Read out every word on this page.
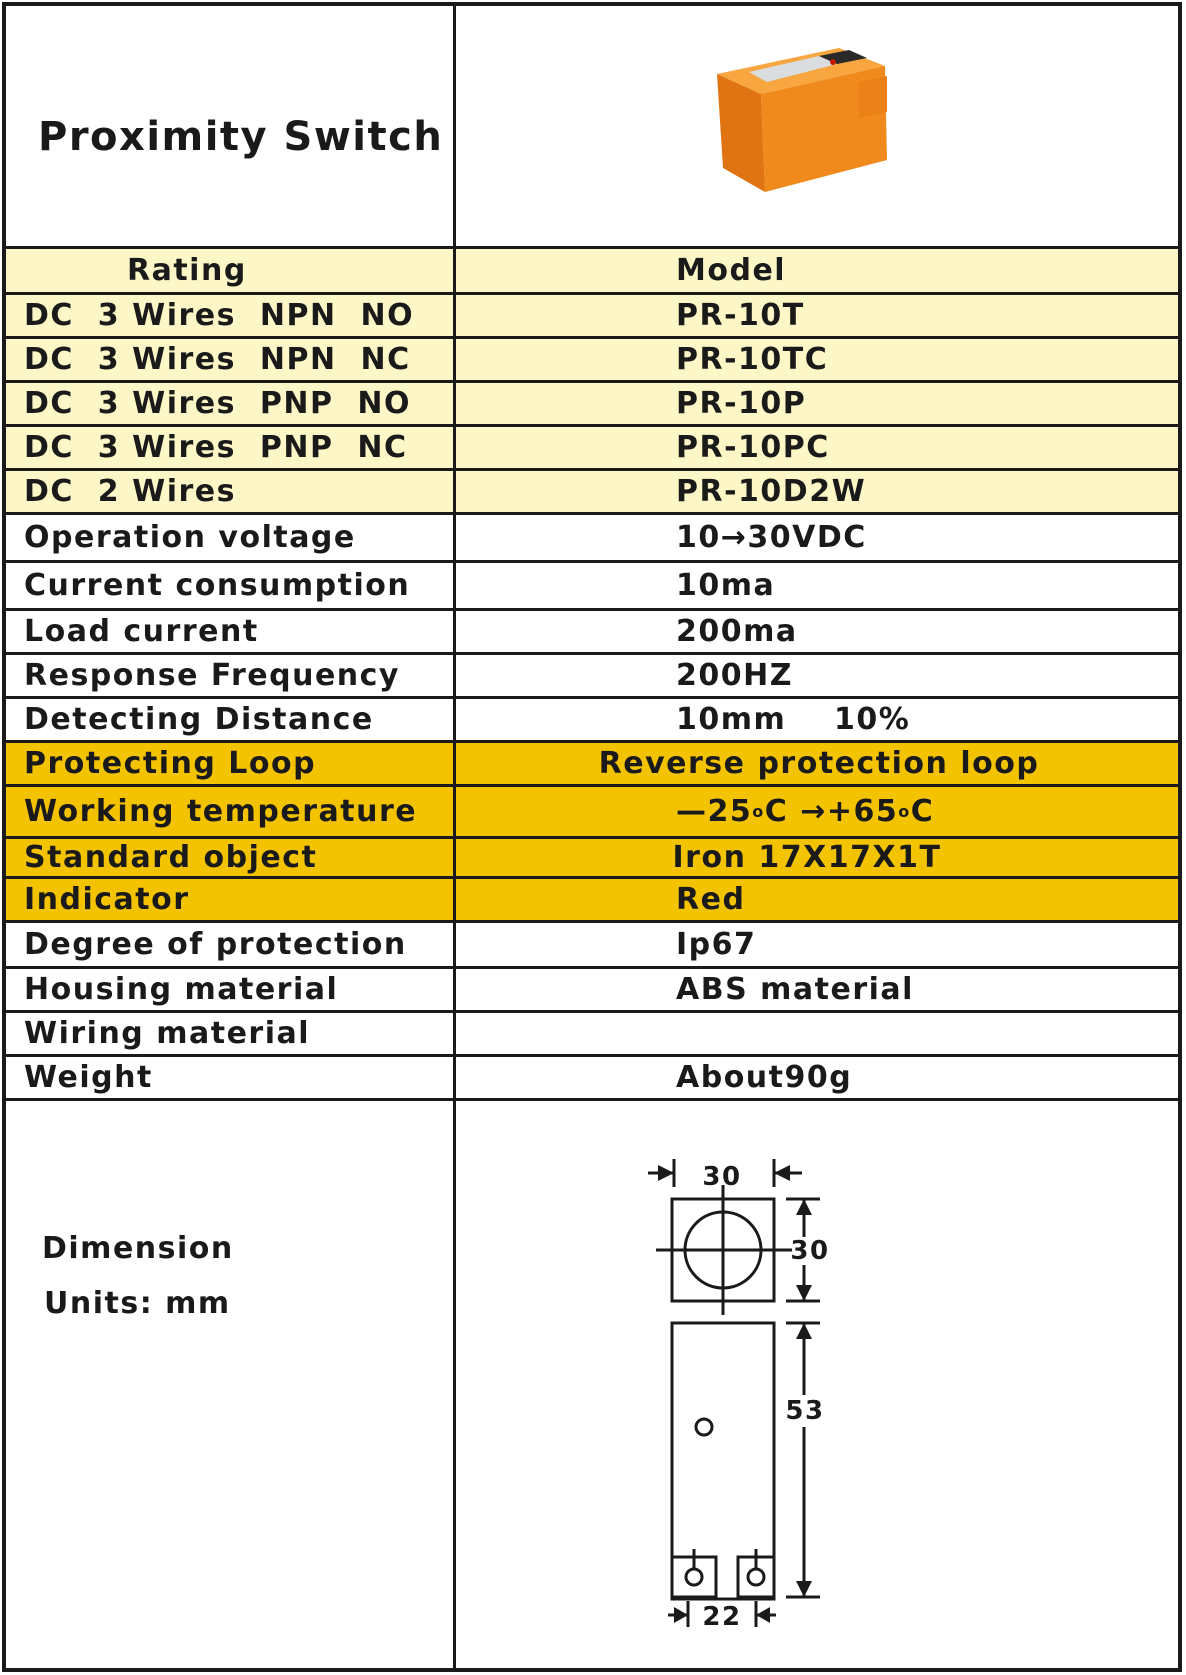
Proximity Switch
Rating	Model
DC  3 Wires  NPN  NO	PR-10T
DC  3 Wires  NPN  NC	PR-10TC
DC  3 Wires  PNP  NO	PR-10P
DC  3 Wires  PNP  NC	PR-10PC
DC  2 Wires	PR-10D2W
Operation voltage	10→30VDC
Current consumption	10ma
Load current	200ma
Response Frequency	200HZ
Detecting Distance	10mm    10%
Protecting Loop	Reverse protection loop
Working temperature	—25 o C →+65 o C
Standard object	Iron 17X17X1T
Indicator	Red
Degree of protection	Ip67
Housing material	ABS material
Wiring material
Weight	About90g

Dimension

Units: mm

30
30
53
22
